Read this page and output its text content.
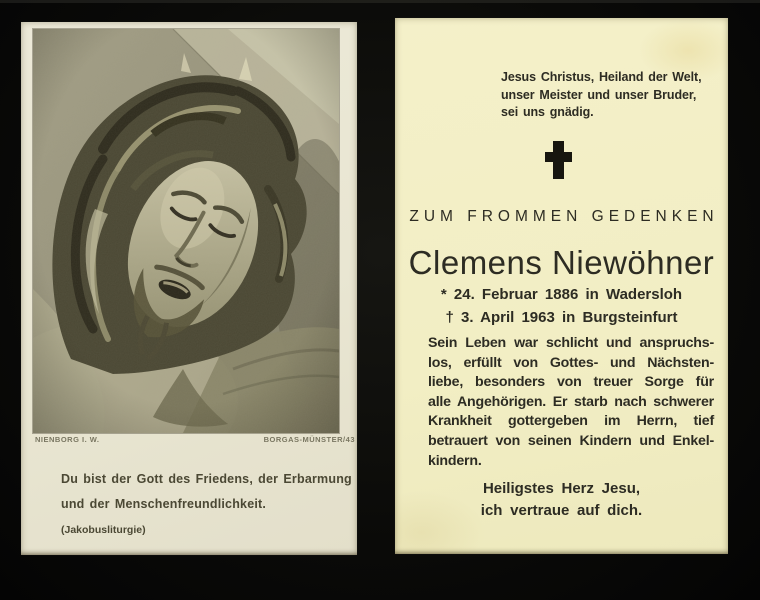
NIENBORG I. W.	BORGAS-MÜNSTER/43
Du bist der Gott des Friedens, der Erbarmung
und der Menschenfreundlichkeit. (Jakobusliturgie)
Jesus Christus, Heiland der Welt,
unser Meister und unser Bruder,
sei uns gnädig.
ZUM FROMMEN GEDENKEN
Clemens Niewöhner
* 24. Februar 1886 in Wadersloh
† 3. April 1963 in Burgsteinfurt
Sein Leben war schlicht und anspruchs-
los, erfüllt von Gottes- und Nächsten-
liebe, besonders von treuer Sorge für
alle Angehörigen. Er starb nach schwerer
Krankheit gottergeben im Herrn, tief
betrauert von seinen Kindern und Enkel-
kindern.
Heiligstes Herz Jesu,
ich vertraue auf dich.
